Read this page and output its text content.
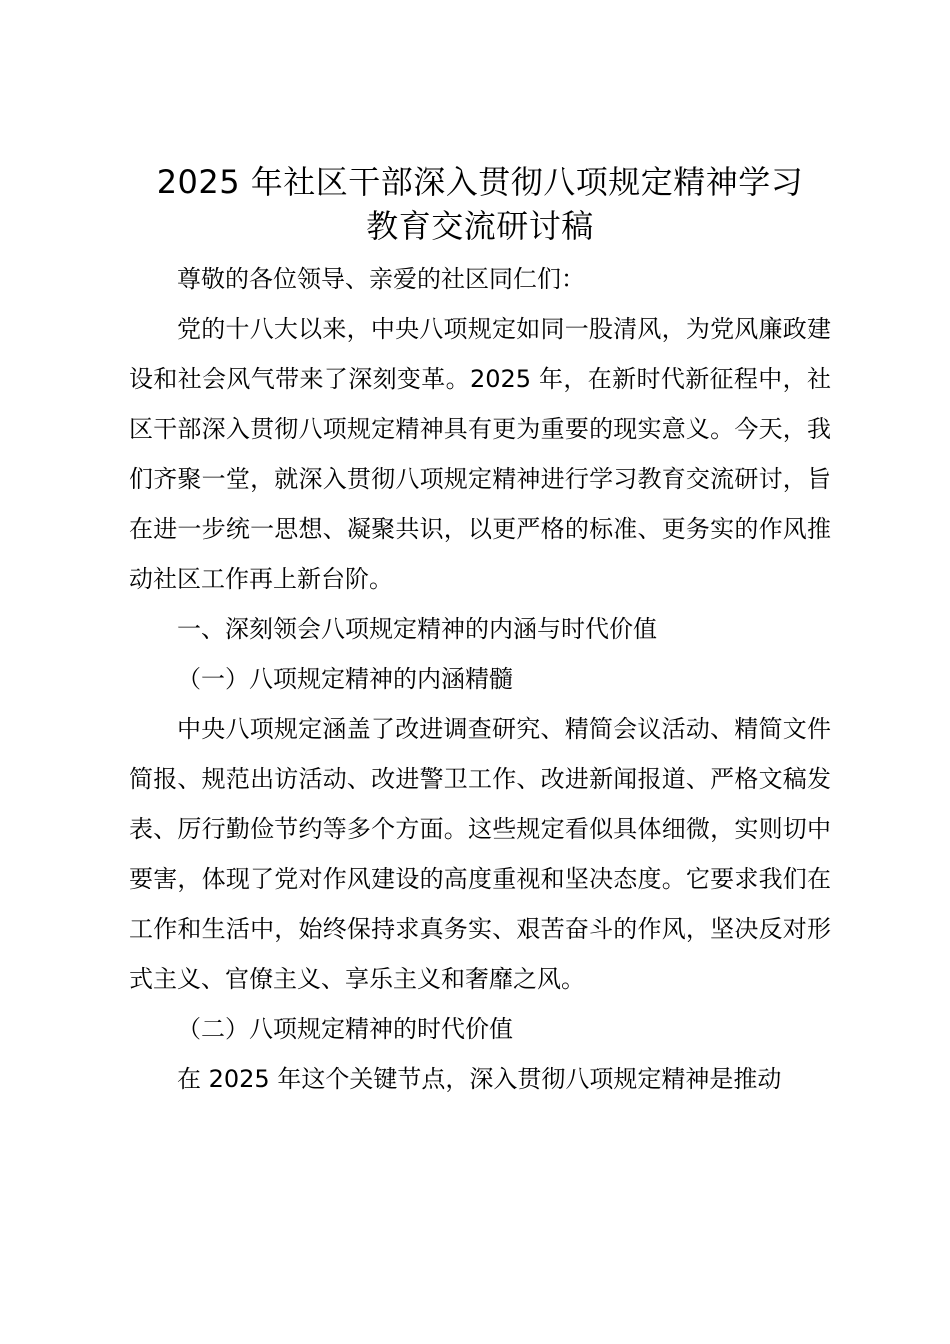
2025 年社区干部深入贯彻八项规定精神学习
教育交流研讨稿

尊敬的各位领导、亲爱的社区同仁们：

党的十八大以来，中央八项规定如同一股清风，为党风廉政建设和社会风气带来了深刻变革。2025 年，在新时代新征程中，社区干部深入贯彻八项规定精神具有更为重要的现实意义。今天，我们齐聚一堂，就深入贯彻八项规定精神进行学习教育交流研讨，旨在进一步统一思想、凝聚共识，以更严格的标准、更务实的作风推动社区工作再上新台阶。

一、深刻领会八项规定精神的内涵与时代价值

（一）八项规定精神的内涵精髓

中央八项规定涵盖了改进调查研究、精简会议活动、精简文件简报、规范出访活动、改进警卫工作、改进新闻报道、严格文稿发表、厉行勤俭节约等多个方面。这些规定看似具体细微，实则切中要害，体现了党对作风建设的高度重视和坚决态度。它要求我们在工作和生活中，始终保持求真务实、艰苦奋斗的作风，坚决反对形式主义、官僚主义、享乐主义和奢靡之风。

（二）八项规定精神的时代价值

在 2025 年这个关键节点，深入贯彻八项规定精神是推动
